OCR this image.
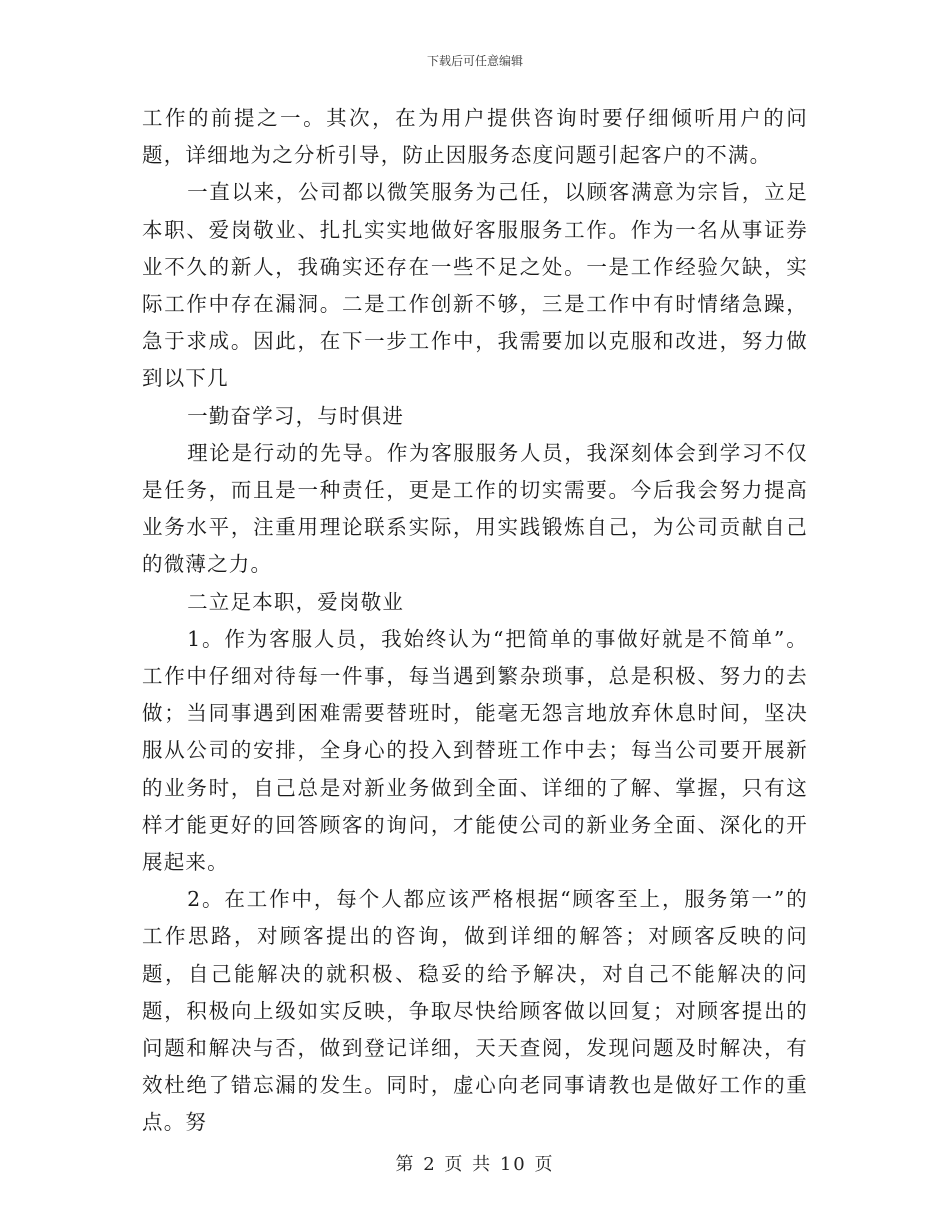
下载后可任意编辑

工作的前提之一。其次，在为用户提供咨询时要仔细倾听用户的问题，详细地为之分析引导，防止因服务态度问题引起客户的不满。

一直以来，公司都以微笑服务为己任，以顾客满意为宗旨，立足本职、爱岗敬业、扎扎实实地做好客服服务工作。作为一名从事证券业不久的新人，我确实还存在一些不足之处。一是工作经验欠缺，实际工作中存在漏洞。二是工作创新不够，三是工作中有时情绪急躁，急于求成。因此，在下一步工作中，我需要加以克服和改进，努力做到以下几

一勤奋学习，与时俱进

理论是行动的先导。作为客服服务人员，我深刻体会到学习不仅是任务，而且是一种责任，更是工作的切实需要。今后我会努力提高业务水平，注重用理论联系实际，用实践锻炼自己，为公司贡献自己的微薄之力。

二立足本职，爱岗敬业

1。作为客服人员，我始终认为“把简单的事做好就是不简单”。工作中仔细对待每一件事，每当遇到繁杂琐事，总是积极、努力的去做；当同事遇到困难需要替班时，能毫无怨言地放弃休息时间，坚决服从公司的安排，全身心的投入到替班工作中去；每当公司要开展新的业务时，自己总是对新业务做到全面、详细的了解、掌握，只有这样才能更好的回答顾客的询问，才能使公司的新业务全面、深化的开展起来。

2。在工作中，每个人都应该严格根据“顾客至上，服务第一”的工作思路，对顾客提出的咨询，做到详细的解答；对顾客反映的问题，自己能解决的就积极、稳妥的给予解决，对自己不能解决的问题，积极向上级如实反映，争取尽快给顾客做以回复；对顾客提出的问题和解决与否，做到登记详细，天天查阅，发现问题及时解决，有效杜绝了错忘漏的发生。同时，虚心向老同事请教也是做好工作的重点。努

第 2 页 共 10 页
